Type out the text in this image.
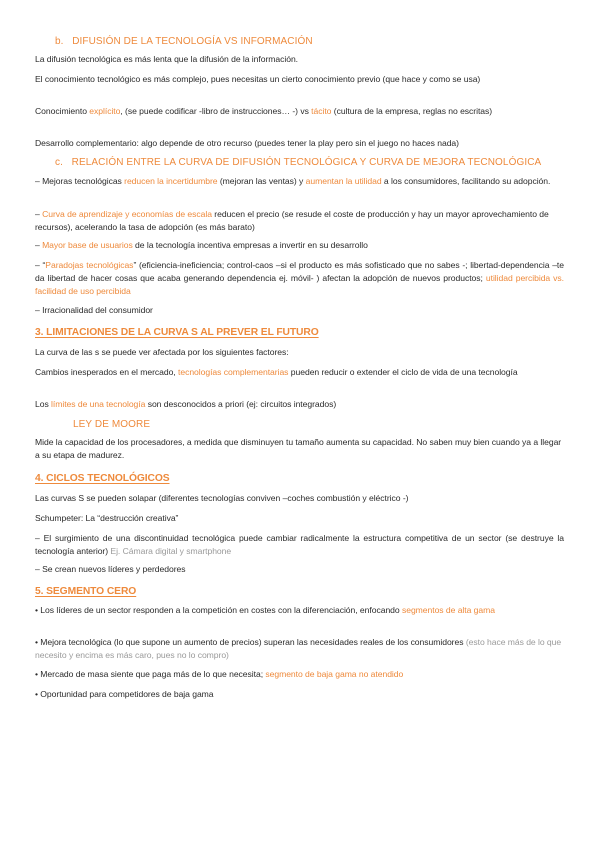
b. DIFUSIÓN DE LA TECNOLOGÍA VS INFORMACIÓN
La difusión tecnológica es más lenta que la difusión de la información.
El conocimiento tecnológico es más complejo, pues necesitas un cierto conocimiento previo (que hace y como se usa)
Conocimiento explícito, (se puede codificar -libro de instrucciones… -) vs tácito (cultura de la empresa, reglas no escritas)
Desarrollo complementario: algo depende de otro recurso (puedes tener la play pero sin el juego no haces nada)
c. RELACIÓN ENTRE LA CURVA DE DIFUSIÓN TECNOLÓGICA Y CURVA DE MEJORA TECNOLÓGICA
– Mejoras tecnológicas reducen la incertidumbre (mejoran las ventas) y aumentan la utilidad a los consumidores, facilitando su adopción.
– Curva de aprendizaje y economías de escala reducen el precio (se resude el coste de producción y hay un mayor aprovechamiento de recursos), acelerando la tasa de adopción (es más barato)
– Mayor base de usuarios de la tecnología incentiva empresas a invertir en su desarrollo
– “Paradojas tecnológicas” (eficiencia-ineficiencia; control-caos –si el producto es más sofisticado que no sabes -; libertad-dependencia –te da libertad de hacer cosas que acaba generando dependencia ej. móvil- ) afectan la adopción de nuevos productos; utilidad percibida vs. facilidad de uso percibida
– Irracionalidad del consumidor
3. LIMITACIONES DE LA CURVA S AL PREVER EL FUTURO
La curva de las s se puede ver afectada por los siguientes factores:
Cambios inesperados en el mercado, tecnologías complementarias pueden reducir o extender el ciclo de vida de una tecnología
Los límites de una tecnología son desconocidos a priori (ej: circuitos integrados)
LEY DE MOORE
Mide la capacidad de los procesadores, a medida que disminuyen tu tamaño aumenta su capacidad. No saben muy bien cuando ya a llegar a su etapa de madurez.
4. CICLOS TECNOLÓGICOS
Las curvas S se pueden solapar (diferentes tecnologías conviven –coches combustión y eléctrico -)
Schumpeter: La “destrucción creativa”
– El surgimiento de una discontinuidad tecnológica puede cambiar radicalmente la estructura competitiva de un sector (se destruye la tecnología anterior) Ej. Cámara digital y smartphone
– Se crean nuevos líderes y perdedores
5. SEGMENTO CERO
• Los líderes de un sector responden a la competición en costes con la diferenciación, enfocando segmentos de alta gama
• Mejora tecnológica (lo que supone un aumento de precios) superan las necesidades reales de los consumidores (esto hace más de lo que necesito y encima es más caro, pues no lo compro)
• Mercado de masa siente que paga más de lo que necesita; segmento de baja gama no atendido
• Oportunidad para competidores de baja gama
